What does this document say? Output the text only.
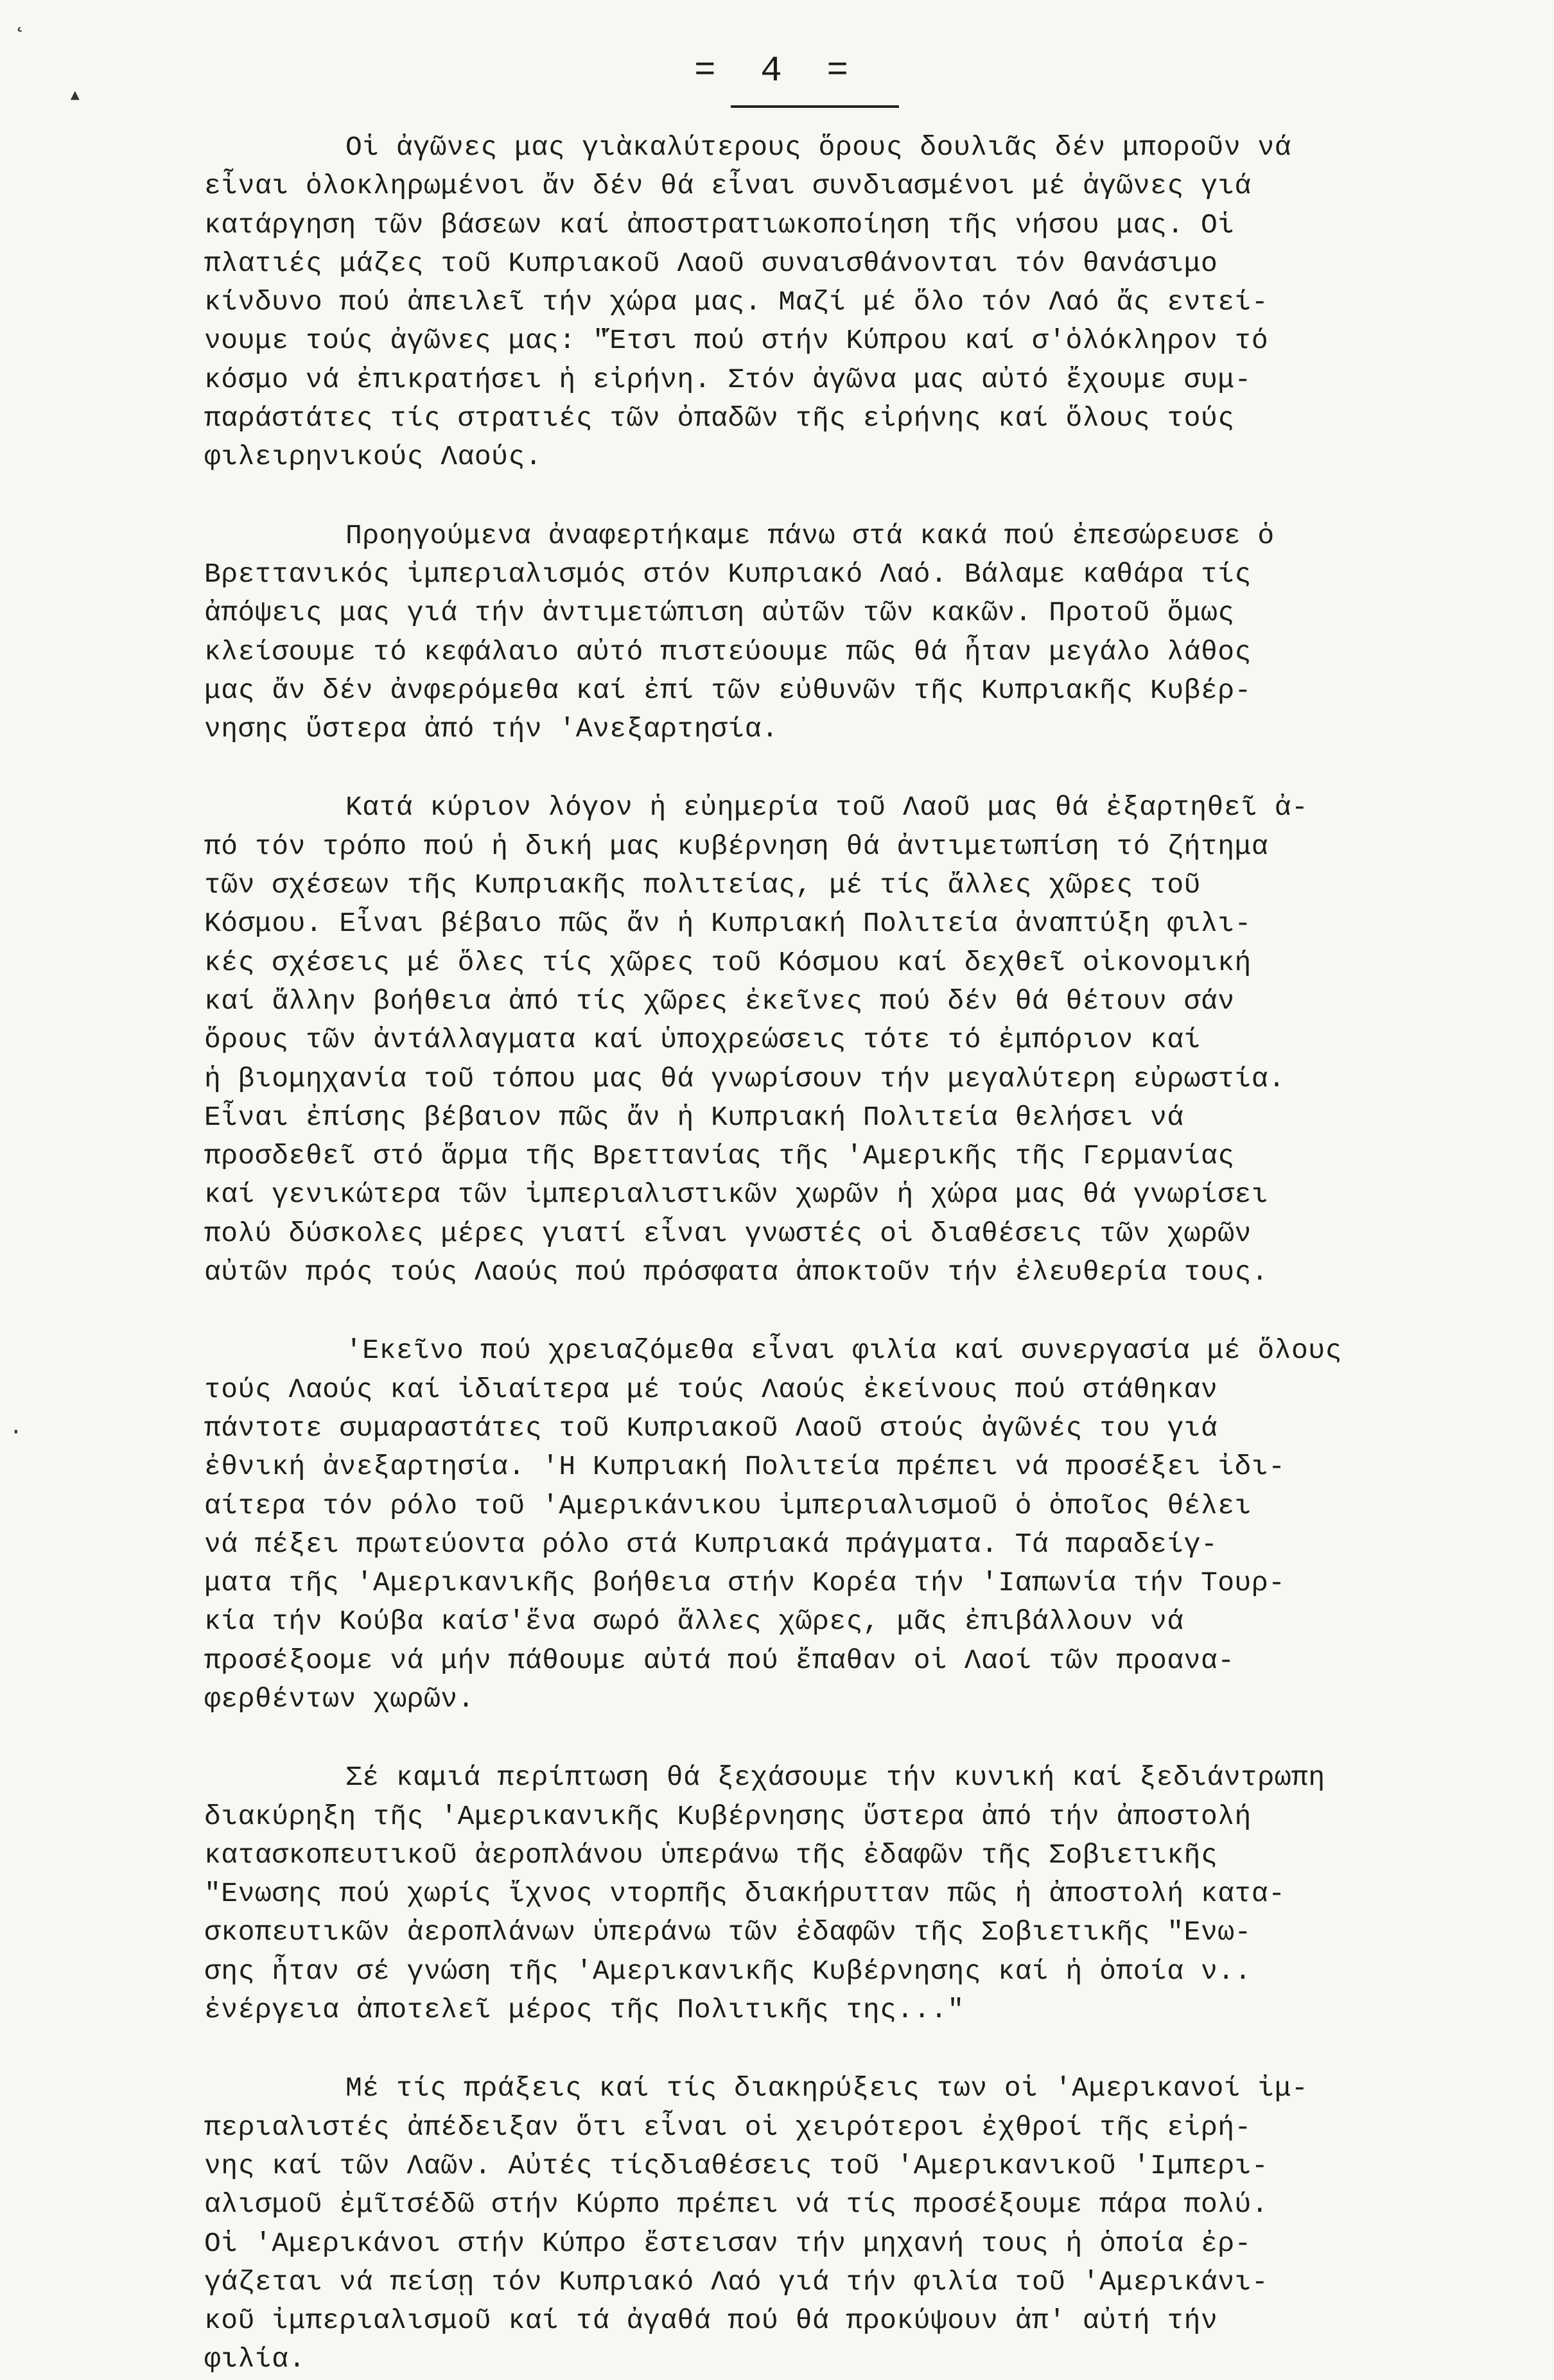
= 4 =
˛
▴
·
Οἱ ἀγῶνες μας γιὰκαλύτερους ὅρους δουλιᾶς δέν μποροῦν νά
εἶναι ὁλοκληρωμένοι ἄν δέν θά εἶναι συνδιασμένοι μέ ἀγῶνες γιά
κατάργηση τῶν βάσεων καί ἀποστρατιωκοποίηση τῆς νήσου μας. Οἱ
πλατιές μάζες τοῦ Κυπριακοῦ Λαοῦ συναισθάνονται τόν θανάσιμο
κίνδυνο πού ἀπειλεῖ τήν χώρα μας. Μαζί μέ ὅλο τόν Λαό ἄς εντεί-
νουμε τούς ἀγῶνες μας: "Ἔτσι πού στήν Κύπρου καί σ'ὁλόκληρον τό
κόσμο νά ἐπικρατήσει ἡ εἰρήνη. Στόν ἀγῶνα μας αὐτό ἔχουμε συμ-
παράστάτες τίς στρατιές τῶν ὀπαδῶν τῆς εἰρήνης καί ὅλους τούς
φιλειρηνικούς Λαούς.
Προηγούμενα ἀναφερτήκαμε πάνω στά κακά πού ἐπεσώρευσε ὁ
Βρεττανικός ἰμπεριαλισμός στόν Κυπριακό Λαό. Βάλαμε καθάρα τίς
ἀπόψεις μας γιά τήν ἀντιμετώπιση αὐτῶν τῶν κακῶν. Προτοῦ ὅμως
κλείσουμε τό κεφάλαιο αὐτό πιστεύουμε πῶς θά ἦταν μεγάλο λάθος
μας ἄν δέν ἀνφερόμεθα καί ἐπί τῶν εὐθυνῶν τῆς Κυπριακῆς Κυβέρ-
νησης ὕστερα ἀπό τήν 'Ανεξαρτησία.
Κατά κύριον λόγον ἡ εὐημερία τοῦ Λαοῦ μας θά ἐξαρτηθεῖ ἀ-
πό τόν τρόπο πού ἡ δική μας κυβέρνηση θά ἀντιμετωπίση τό ζήτημα
τῶν σχέσεων τῆς Κυπριακῆς πολιτείας, μέ τίς ἄλλες χῶρες τοῦ
Κόσμου. Εἶναι βέβαιο πῶς ἄν ἡ Κυπριακή Πολιτεία ἀναπτύξη φιλι-
κές σχέσεις μέ ὅλες τίς χῶρες τοῦ Κόσμου καί δεχθεῖ οἰκονομική
καί ἄλλην βοήθεια ἀπό τίς χῶρες ἐκεῖνες πού δέν θά θέτουν σάν
ὅρους τῶν ἀντάλλαγματα καί ὑποχρεώσεις τότε τό ἐμπόριον καί
ἡ βιομηχανία τοῦ τόπου μας θά γνωρίσουν τήν μεγαλύτερη εὐρωστία.
Εἶναι ἐπίσης βέβαιον πῶς ἄν ἡ Κυπριακή Πολιτεία θελήσει νά
προσδεθεῖ στό ἅρμα τῆς Βρεττανίας τῆς 'Αμερικῆς τῆς Γερμανίας
καί γενικώτερα τῶν ἰμπεριαλιστικῶν χωρῶν ἡ χώρα μας θά γνωρίσει
πολύ δύσκολες μέρες γιατί εἶναι γνωστές οἱ διαθέσεις τῶν χωρῶν
αὐτῶν πρός τούς Λαούς πού πρόσφατα ἀποκτοῦν τήν ἐλευθερία τους.
'Εκεῖνο πού χρειαζόμεθα εἶναι φιλία καί συνεργασία μέ ὅλους
τούς Λαούς καί ἰδιαίτερα μέ τούς Λαούς ἐκείνους πού στάθηκαν
πάντοτε συμαραστάτες τοῦ Κυπριακοῦ Λαοῦ στούς ἀγῶνές του γιά
ἐθνική ἀνεξαρτησία. 'Η Κυπριακή Πολιτεία πρέπει νά προσέξει ἰδι-
αίτερα τόν ρόλο τοῦ 'Αμερικάνικου ἰμπεριαλισμοῦ ὁ ὁποῖος θέλει
νά πέξει πρωτεύοντα ρόλο στά Κυπριακά πράγματα. Τά παραδείγ-
ματα τῆς 'Αμερικανικῆς βοήθεια στήν Κορέα τήν 'Ιαπωνία τήν Τουρ-
κία τήν Κούβα καίσ'ἕνα σωρό ἄλλες χῶρες, μᾶς ἐπιβάλλουν νά
προσέξοομε νά μήν πάθουμε αὐτά πού ἔπαθαν οἱ Λαοί τῶν προανα-
φερθέντων χωρῶν.
Σέ καμιά περίπτωση θά ξεχάσουμε τήν κυνική καί ξεδιάντρωπη
διακύρηξη τῆς 'Αμερικανικῆς Κυβέρνησης ὕστερα ἀπό τήν ἀποστολή
κατασκοπευτικοῦ ἀεροπλάνου ὑπεράνω τῆς ἐδαφῶν τῆς Σοβιετικῆς
"Ενωσης πού χωρίς ἴχνος ντορπῆς διακήρυτταν πῶς ἡ ἀποστολή κατα-
σκοπευτικῶν ἀεροπλάνων ὑπεράνω τῶν ἐδαφῶν τῆς Σοβιετικῆς "Ενω-
σης ἦταν σέ γνώση τῆς 'Αμερικανικῆς Κυβέρνησης καί ἡ ὁποία ν..
ἐνέργεια ἀποτελεῖ μέρος τῆς Πολιτικῆς της..."
Μέ τίς πράξεις καί τίς διακηρύξεις των οἱ 'Αμερικανοί ἰμ-
περιαλιστές ἀπέδειξαν ὅτι εἶναι οἱ χειρότεροι ἐχθροί τῆς εἰρή-
νης καί τῶν Λαῶν. Αὐτές τίςδιαθέσεις τοῦ 'Αμερικανικοῦ 'Ιμπερι-
αλισμοῦ ἐμῖτσέδῶ στήν Κύρπο πρέπει νά τίς προσέξουμε πάρα πολύ.
Οἱ 'Αμερικάνοι στήν Κύπρο ἔστεισαν τήν μηχανή τους ἡ ὁποία ἐρ-
γάζεται νά πείσῃ τόν Κυπριακό Λαό γιά τήν φιλία τοῦ 'Αμερικάνι-
κοῦ ἰμπεριαλισμοῦ καί τά ἀγαθά πού θά προκύψουν ἀπ' αὐτή τήν
φιλία.
